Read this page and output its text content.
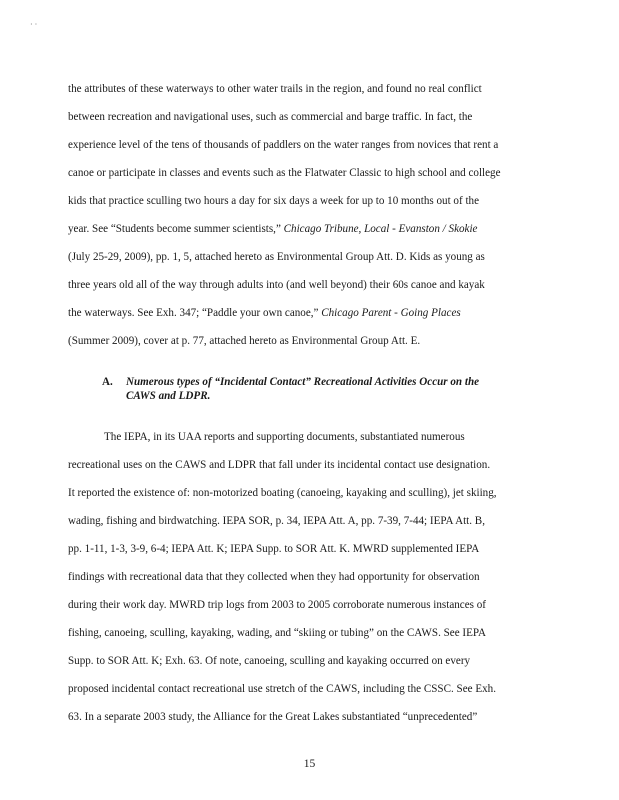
· ·
the attributes of these waterways to other water trails in the region, and found no real conflict
between recreation and navigational uses, such as commercial and barge traffic. In fact, the
experience level of the tens of thousands of paddlers on the water ranges from novices that rent a
canoe or participate in classes and events such as the Flatwater Classic to high school and college
kids that practice sculling two hours a day for six days a week for up to 10 months out of the
year. See “Students become summer scientists,” Chicago Tribune, Local - Evanston / Skokie
(July 25-29, 2009), pp. 1, 5, attached hereto as Environmental Group Att. D. Kids as young as
three years old all of the way through adults into (and well beyond) their 60s canoe and kayak
the waterways. See Exh. 347; “Paddle your own canoe,” Chicago Parent - Going Places
(Summer 2009), cover at p. 77, attached hereto as Environmental Group Att. E.
A. Numerous types of “Incidental Contact” Recreational Activities Occur on the
CAWS and LDPR.
The IEPA, in its UAA reports and supporting documents, substantiated numerous
recreational uses on the CAWS and LDPR that fall under its incidental contact use designation.
It reported the existence of: non-motorized boating (canoeing, kayaking and sculling), jet skiing,
wading, fishing and birdwatching. IEPA SOR, p. 34, IEPA Att. A, pp. 7-39, 7-44; IEPA Att. B,
pp. 1-11, 1-3, 3-9, 6-4; IEPA Att. K; IEPA Supp. to SOR Att. K. MWRD supplemented IEPA
findings with recreational data that they collected when they had opportunity for observation
during their work day. MWRD trip logs from 2003 to 2005 corroborate numerous instances of
fishing, canoeing, sculling, kayaking, wading, and “skiing or tubing” on the CAWS. See IEPA
Supp. to SOR Att. K; Exh. 63. Of note, canoeing, sculling and kayaking occurred on every
proposed incidental contact recreational use stretch of the CAWS, including the CSSC. See Exh.
63. In a separate 2003 study, the Alliance for the Great Lakes substantiated “unprecedented”
15
